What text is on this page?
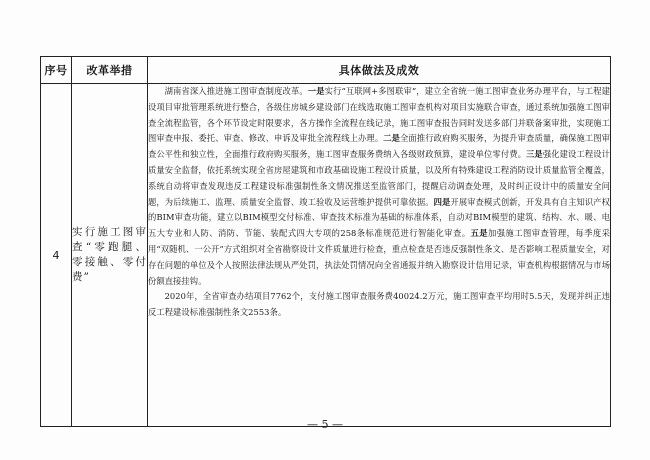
序号	改革举措	具体做法及成效
4	实行施工图审查“零跑腿、零接触、零付费”	湖南省深入推进施工图审查制度改革。一是实行“互联网+多图联审”，建立全省统一施工图审查业务办理平台，与工程建设项目审批管理系统进行整合，各级住房城乡建设部门在线选取施工图审查机构对项目实施联合审查，通过系统加强施工图审查全流程监管，各个环节设定时限要求，各方操作全流程在线记录，施工图审查报告同时发送多部门并联备案审批，实现施工图审查申报、委托、审查、修改、申诉及审批全流程线上办理。二是全面推行政府购买服务，为提升审查质量，确保施工图审查公平性和独立性，全面推行政府购买服务，施工图审查服务费纳入各级财政预算，建设单位零付费。三是强化建设工程设计质量安全监督，依托系统实现全省房屋建筑和市政基础设施工程设计质量，以及所有特殊建设工程消防设计质量监管全覆盖，系统自动将审查发现违反工程建设标准强制性条文情况推送至监管部门，提醒启动调查处理，及时纠正设计中的质量安全问题，为后续施工、监理、质量安全监督、竣工验收及运营维护提供可靠依据。四是开展审查模式创新，开发具有自主知识产权的BIM审查功能，建立以BIM模型交付标准、审查技术标准为基础的标准体系，自动对BIM模型的建筑、结构、水、暖、电五大专业和人防、消防、节能、装配式四大专项的258条标准规范进行智能化审查。五是加强施工图审查管理，每季度采用“双随机、一公开”方式组织对全省勘察设计文件质量进行检查，重点检查是否违反强制性条文、是否影响工程质量安全，对存在问题的单位及个人按照法律法规从严处罚，执法处罚情况向全省通报并纳入勘察设计信用记录，审查机构根据情况与市场份额直接挂钩。

2020年，全省审查办结项目7762个，支付施工图审查服务费40024.2万元，施工图审查平均用时5.5天，发现并纠正违反工程建设标准强制性条文2553条。

— 5 —
